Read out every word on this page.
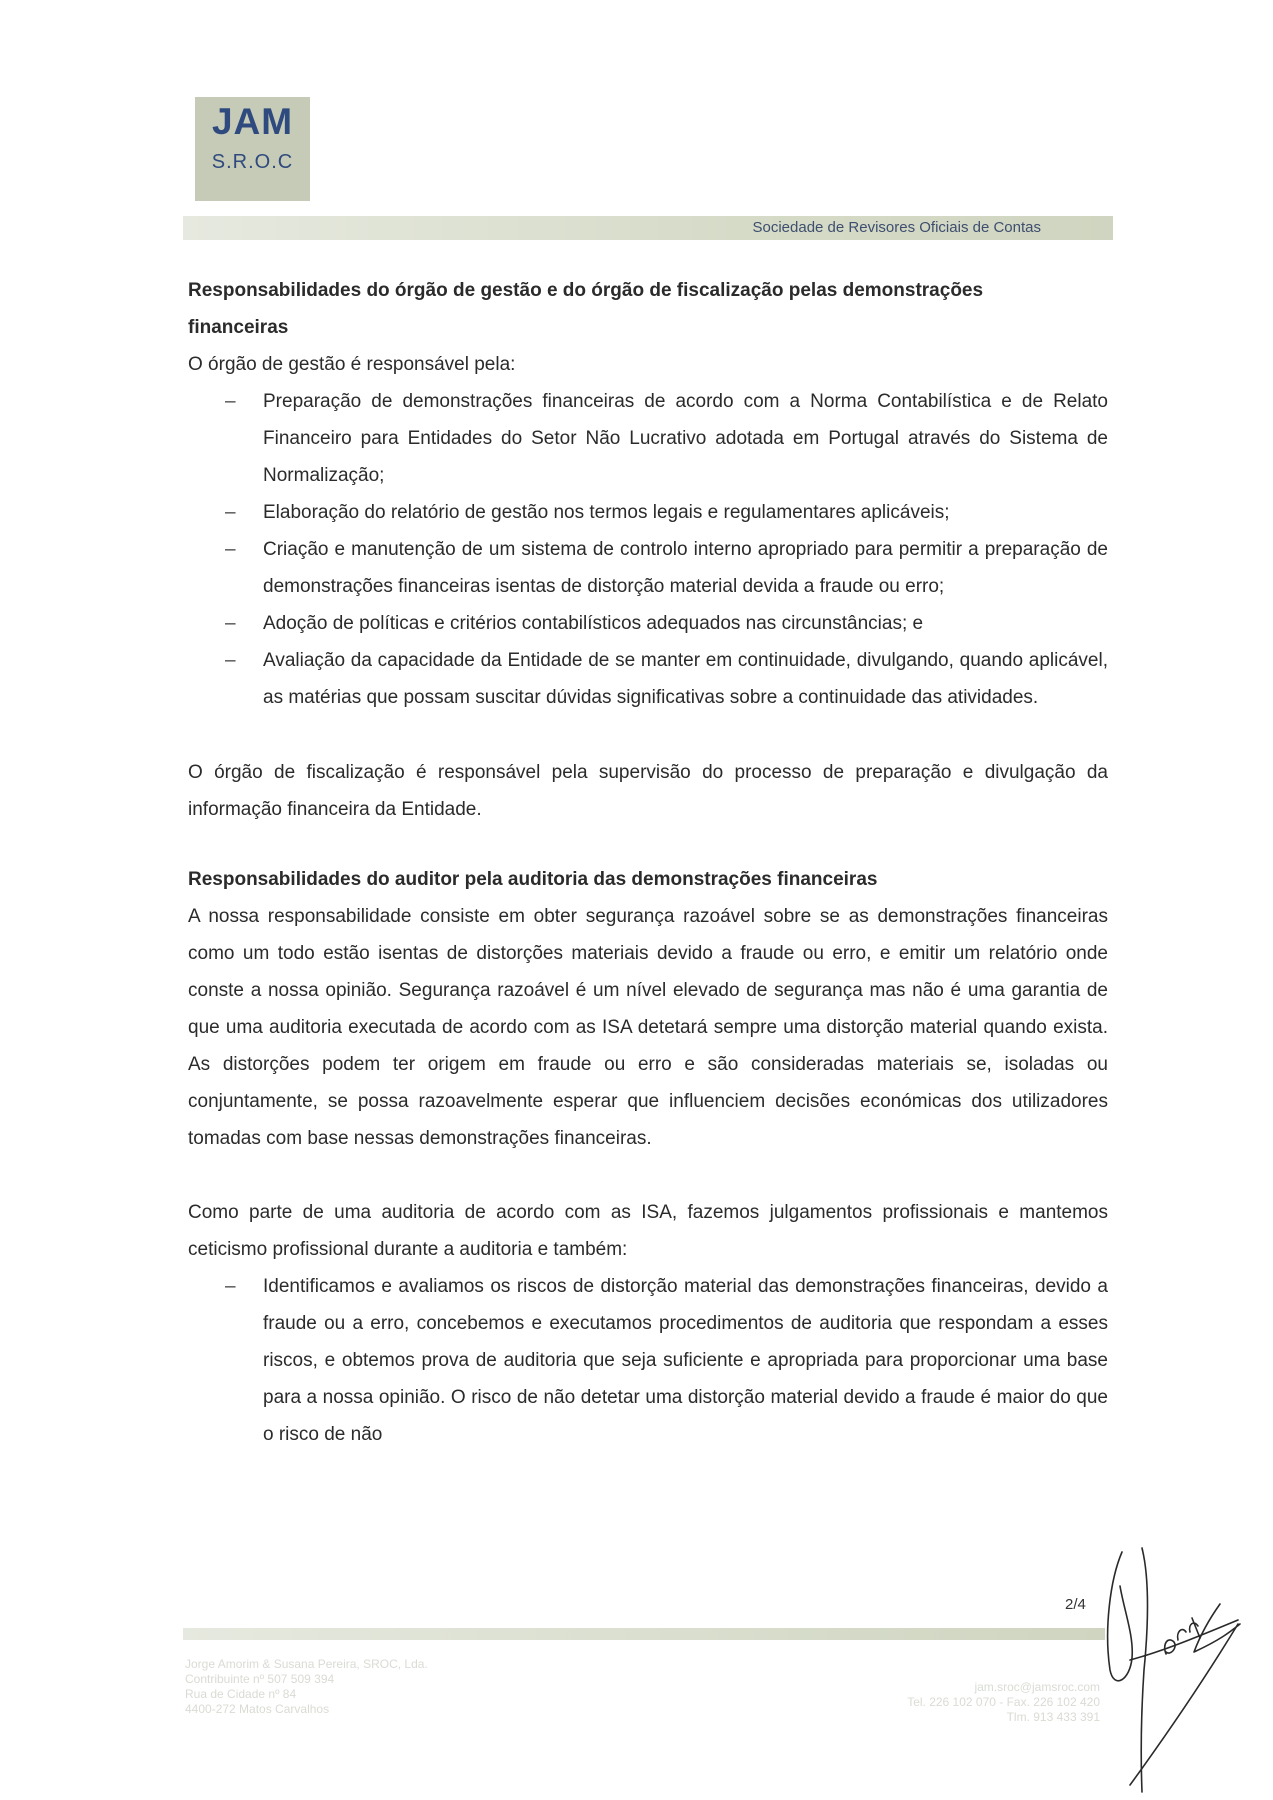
JAM
S.R.O.C
Sociedade de Revisores Oficiais de Contas
Responsabilidades do órgão de gestão e do órgão de fiscalização pelas demonstrações
financeiras

O órgão de gestão é responsável pela:

– Preparação de demonstrações financeiras de acordo com a Norma Contabilística e de Relato Financeiro para Entidades do Setor Não Lucrativo adotada em Portugal através do Sistema de Normalização;
– Elaboração do relatório de gestão nos termos legais e regulamentares aplicáveis;
– Criação e manutenção de um sistema de controlo interno apropriado para permitir a preparação de demonstrações financeiras isentas de distorção material devida a fraude ou erro;
– Adoção de políticas e critérios contabilísticos adequados nas circunstâncias; e
– Avaliação da capacidade da Entidade de se manter em continuidade, divulgando, quando aplicável, as matérias que possam suscitar dúvidas significativas sobre a continuidade das atividades.

O órgão de fiscalização é responsável pela supervisão do processo de preparação e divulgação da informação financeira da Entidade.

Responsabilidades do auditor pela auditoria das demonstrações financeiras

A nossa responsabilidade consiste em obter segurança razoável sobre se as demonstrações financeiras como um todo estão isentas de distorções materiais devido a fraude ou erro, e emitir um relatório onde conste a nossa opinião. Segurança razoável é um nível elevado de segurança mas não é uma garantia de que uma auditoria executada de acordo com as ISA detetará sempre uma distorção material quando exista. As distorções podem ter origem em fraude ou erro e são consideradas materiais se, isoladas ou conjuntamente, se possa razoavelmente esperar que influenciem decisões económicas dos utilizadores tomadas com base nessas demonstrações financeiras.

Como parte de uma auditoria de acordo com as ISA, fazemos julgamentos profissionais e mantemos ceticismo profissional durante a auditoria e também:

– Identificamos e avaliamos os riscos de distorção material das demonstrações financeiras, devido a fraude ou a erro, concebemos e executamos procedimentos de auditoria que respondam a esses riscos, e obtemos prova de auditoria que seja suficiente e apropriada para proporcionar uma base para a nossa opinião. O risco de não detetar uma distorção material devido a fraude é maior do que o risco de não
2/4
Jorge Amorim & Susana Pereira, SROC, Lda.
Contribuinte nº 507 509 394
Rua de Cidade nº 84
4400-272 Matos Carvalhos
jam.sroc@jamsroc.com
Tel. 226 102 070 - Fax. 226 102 420
Tlm. 913 433 391
